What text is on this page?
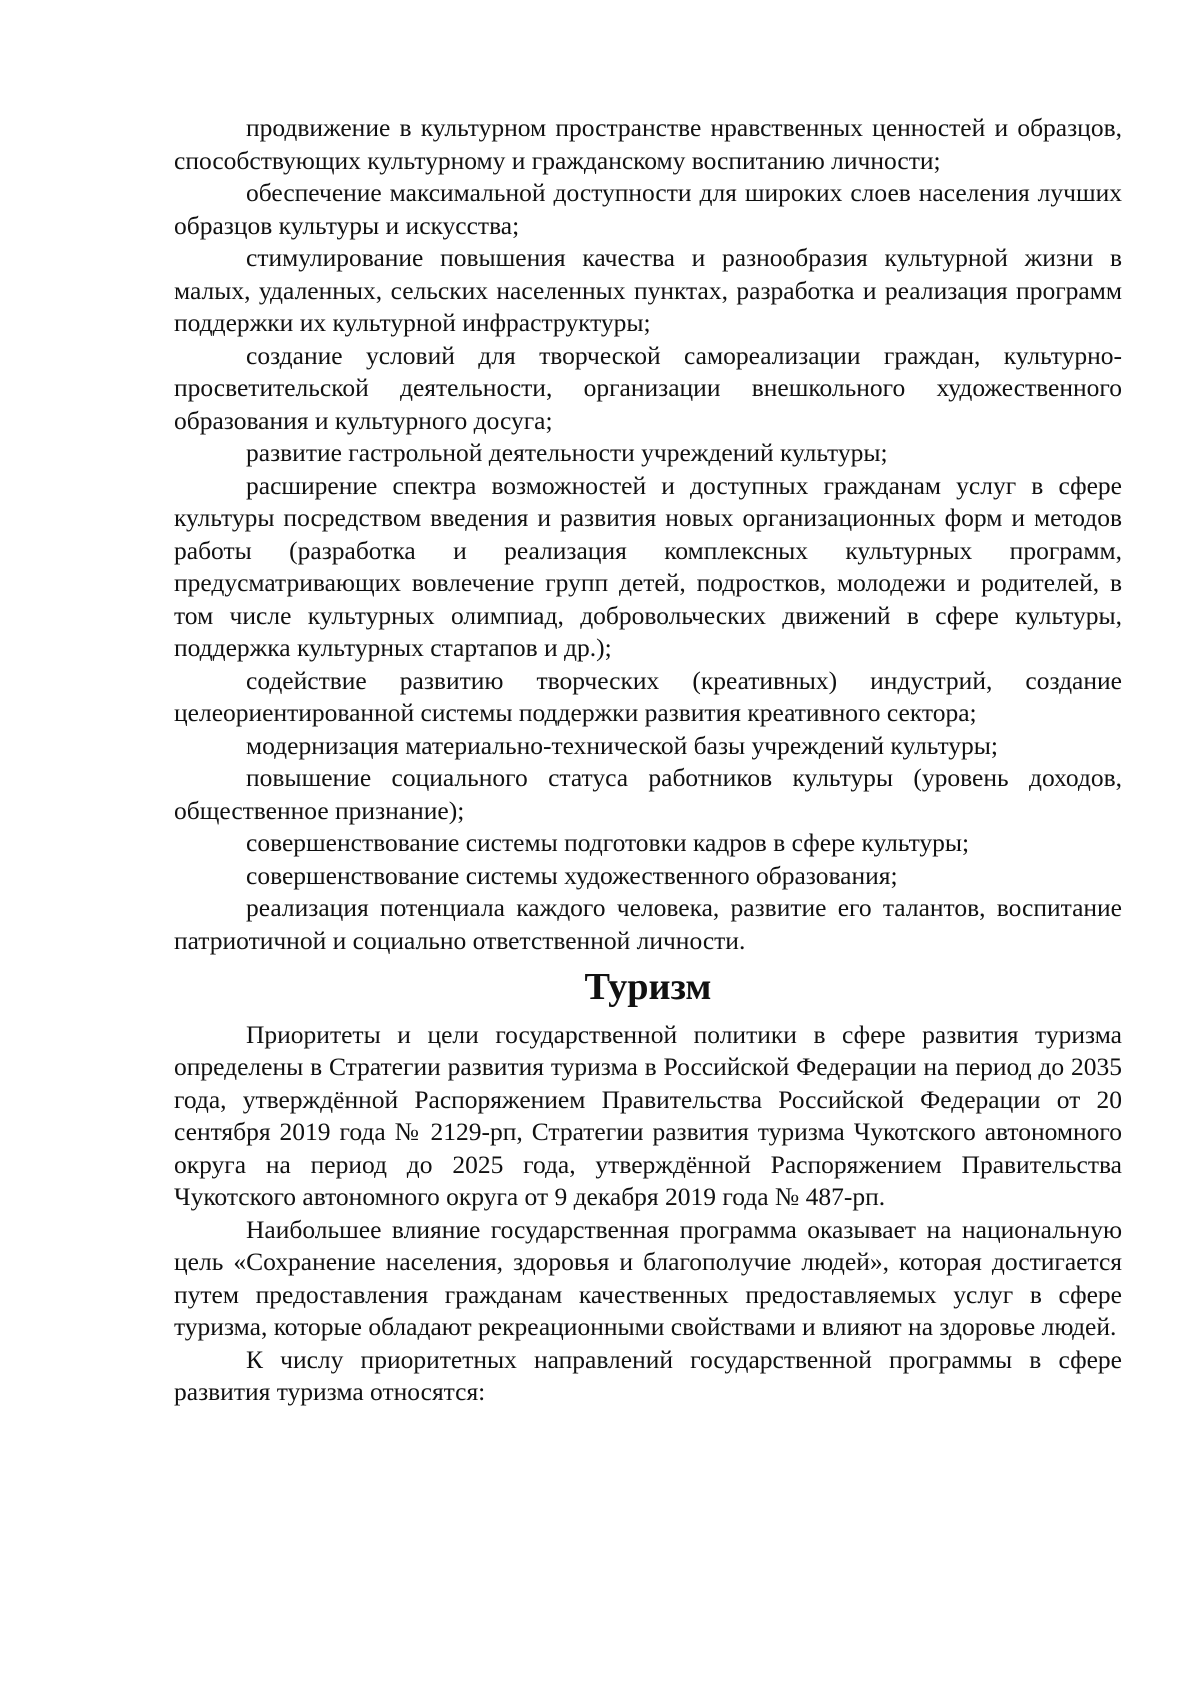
продвижение в культурном пространстве нравственных ценностей и образцов, способствующих культурному и гражданскому воспитанию личности;

обеспечение максимальной доступности для широких слоев населения лучших образцов культуры и искусства;

стимулирование повышения качества и разнообразия культурной жизни в малых, удаленных, сельских населенных пунктах, разработка и реализация программ поддержки их культурной инфраструктуры;

создание условий для творческой самореализации граждан, культурно-просветительской деятельности, организации внешкольного художественного образования и культурного досуга;

развитие гастрольной деятельности учреждений культуры;

расширение спектра возможностей и доступных гражданам услуг в сфере культуры посредством введения и развития новых организационных форм и методов работы (разработка и реализация комплексных культурных программ, предусматривающих вовлечение групп детей, подростков, молодежи и родителей, в том числе культурных олимпиад, добровольческих движений в сфере культуры, поддержка культурных стартапов и др.);

содействие развитию творческих (креативных) индустрий, создание целеориентированной системы поддержки развития креативного сектора;

модернизация материально-технической базы учреждений культуры;

повышение социального статуса работников культуры (уровень доходов, общественное признание);

совершенствование системы подготовки кадров в сфере культуры;

совершенствование системы художественного образования;

реализация потенциала каждого человека, развитие его талантов, воспитание патриотичной и социально ответственной личности.

Туризм

Приоритеты и цели государственной политики в сфере развития туризма определены в Стратегии развития туризма в Российской Федерации на период до 2035 года, утверждённой Распоряжением Правительства Российской Федерации от 20 сентября 2019 года № 2129-рп, Стратегии развития туризма Чукотского автономного округа на период до 2025 года, утверждённой Распоряжением Правительства Чукотского автономного округа от 9 декабря 2019 года № 487-рп.

Наибольшее влияние государственная программа оказывает на национальную цель «Сохранение населения, здоровья и благополучие людей», которая достигается путем предоставления гражданам качественных предоставляемых услуг в сфере туризма, которые обладают рекреационными свойствами и влияют на здоровье людей.

К числу приоритетных направлений государственной программы в сфере развития туризма относятся:
